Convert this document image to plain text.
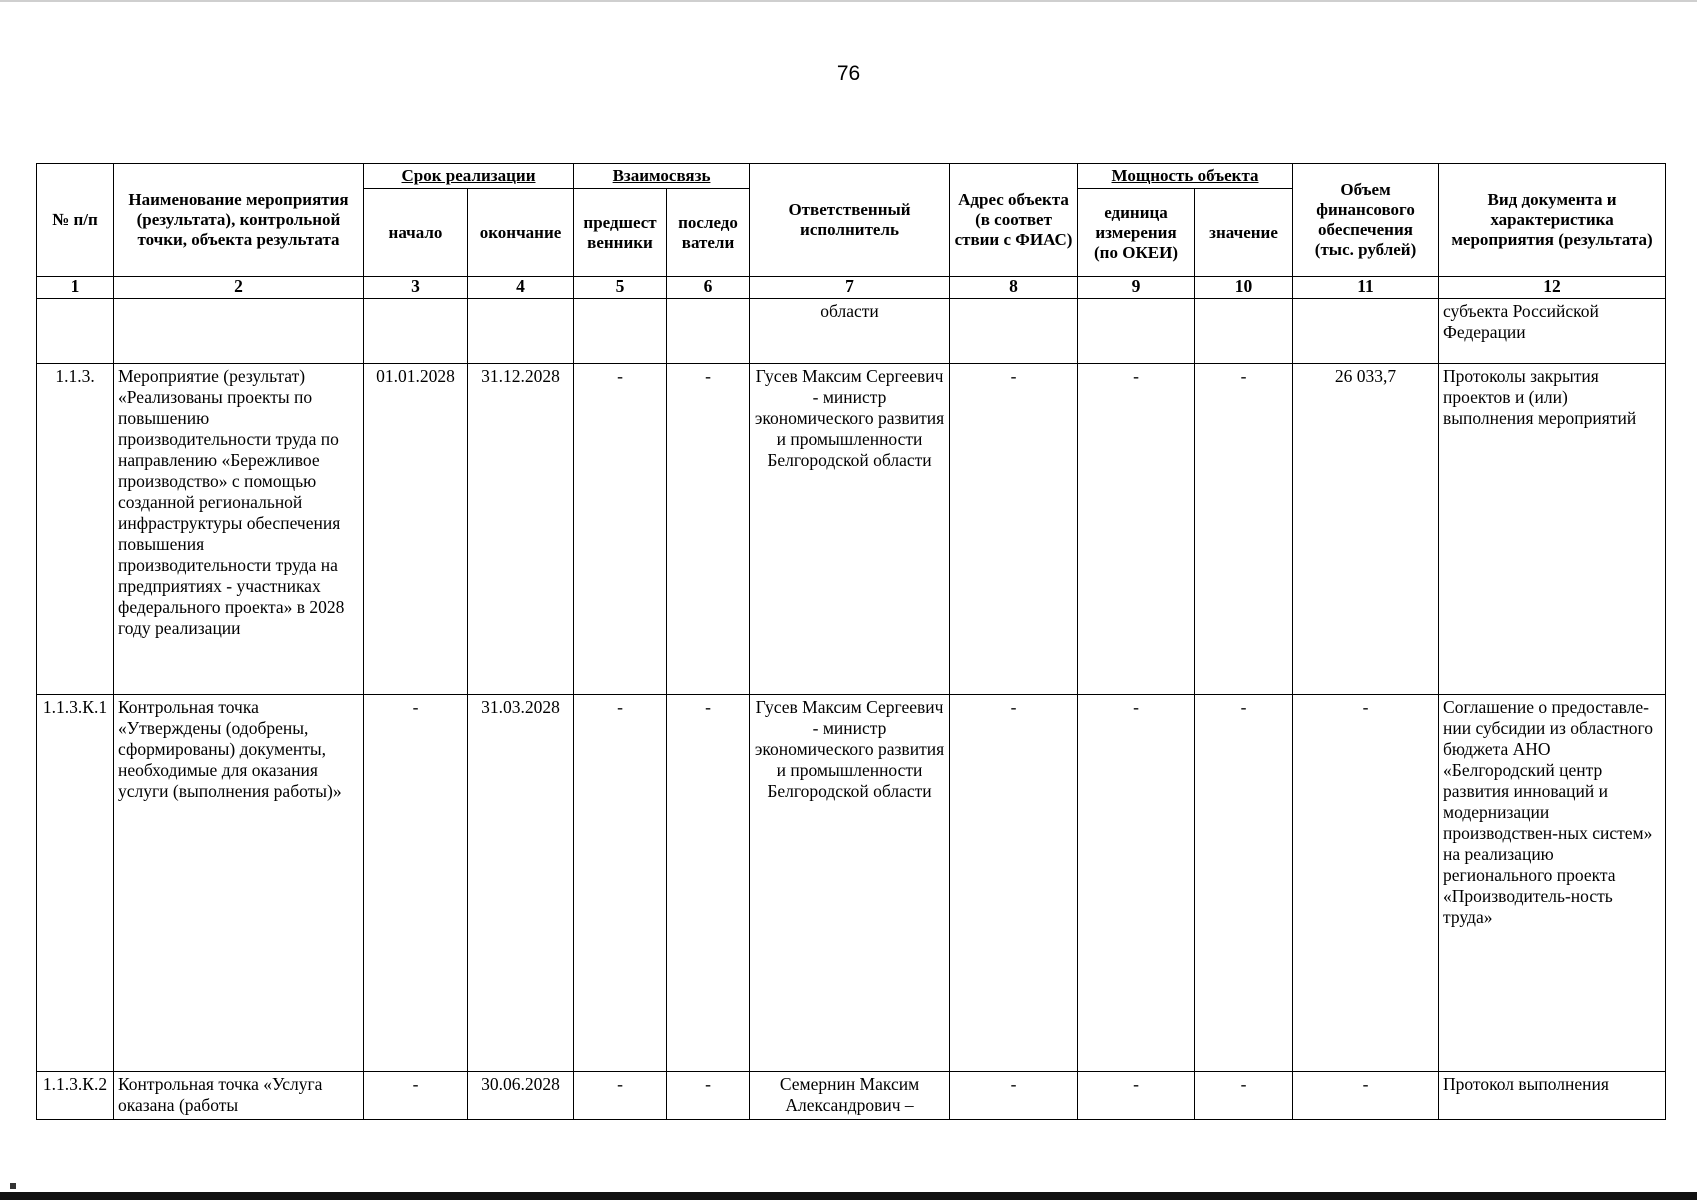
76
№ п/п	Наименование мероприятия (результата), контрольной точки, объекта результата	Срок реализации		Взаимосвязь		Ответственный исполнитель	Адрес объекта (в соответ ствии с ФИАС)	Мощность объекта		Объем финансового обеспечения (тыс. рублей)	Вид документа и характеристика мероприятия (результата)
		начало	окончание	предшест венники	последо ватели			единица измерения (по ОКЕИ)	значение		
1	2	3	4	5	6	7	8	9	10	11	12
						области					субъекта Российской Федерации
1.1.3.	Мероприятие (результат) «Реализованы проекты по повышению производительности труда по направлению «Бережливое производство» с помощью созданной региональной инфраструктуры обеспечения повышения производительности труда на предприятиях - участниках федерального проекта» в 2028 году реализации	01.01.2028	31.12.2028	-	-	Гусев Максим Сергеевич - министр экономического развития и промышленности Белгородской области	-	-	-	26 033,7	Протоколы закрытия проектов и (или) выполнения мероприятий
1.1.3.К.1	Контрольная точка «Утверждены (одобрены, сформированы) документы, необходимые для оказания услуги (выполнения работы)»	-	31.03.2028	-	-	Гусев Максим Сергеевич - министр экономического развития и промышленности Белгородской области	-	-	-	-	Соглашение о предоставле-нии субсидии из областного бюджета АНО «Белгородский центр развития инноваций и модернизации производствен-ных систем» на реализацию регионального проекта «Производитель-ность труда»
1.1.3.К.2	Контрольная точка «Услуга оказана (работы	-	30.06.2028	-	-	Семернин Максим Александрович –	-	-	-	-	Протокол выполнения
